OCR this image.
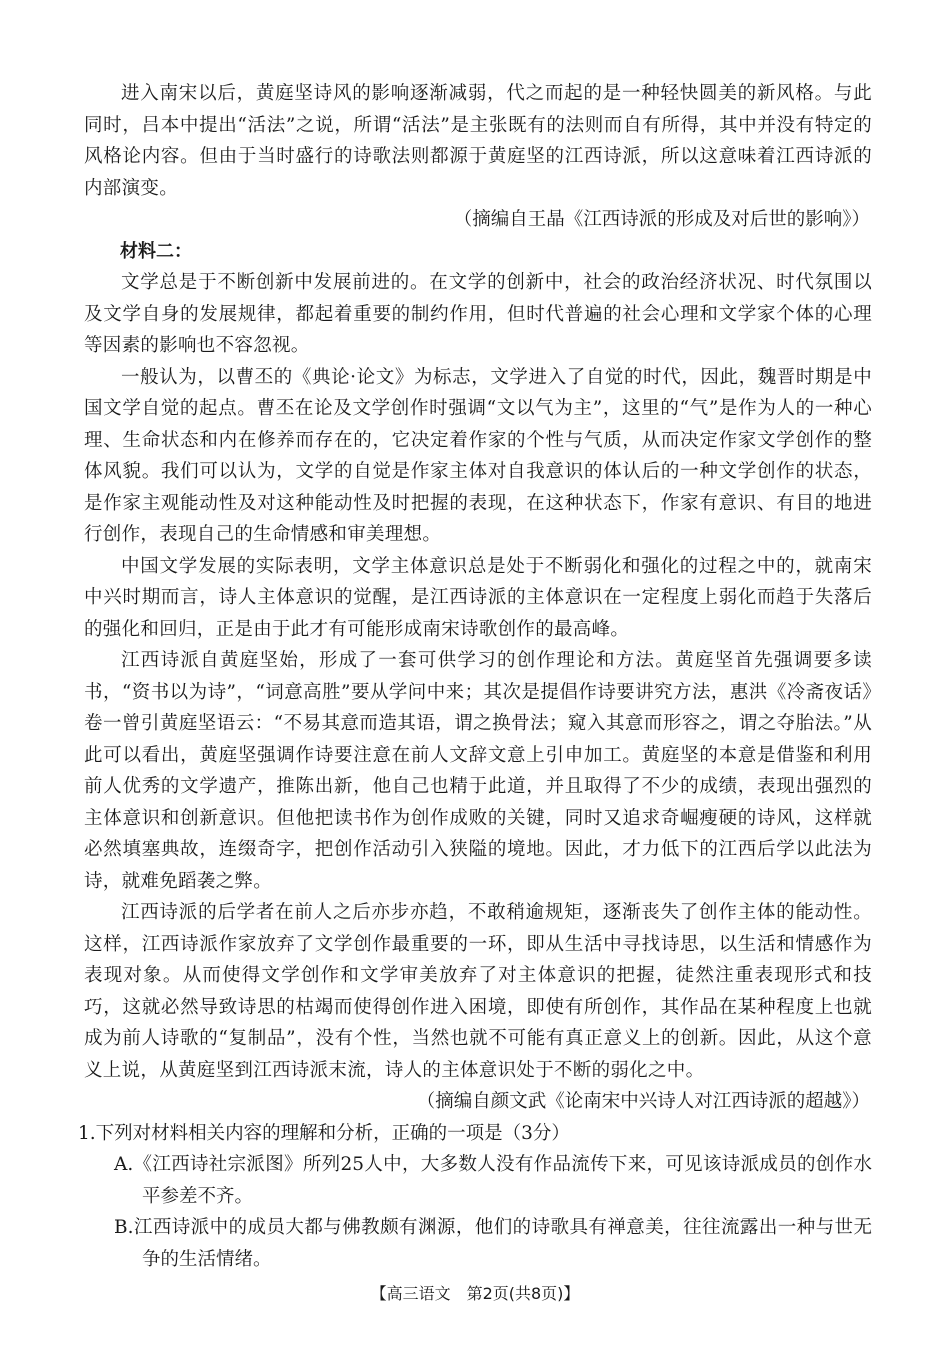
进入南宋以后，黄庭坚诗风的影响逐渐减弱，代之而起的是一种轻快圆美的新风格。与此同时，吕本中提出“活法”之说，所谓“活法”是主张既有的法则而自有所得，其中并没有特定的风格论内容。但由于当时盛行的诗歌法则都源于黄庭坚的江西诗派，所以这意味着江西诗派的内部演变。

（摘编自王晶《江西诗派的形成及对后世的影响》）

材料二：

文学总是于不断创新中发展前进的。在文学的创新中，社会的政治经济状况、时代氛围以及文学自身的发展规律，都起着重要的制约作用，但时代普遍的社会心理和文学家个体的心理等因素的影响也不容忽视。

一般认为，以曹丕的《典论·论文》为标志，文学进入了自觉的时代，因此，魏晋时期是中国文学自觉的起点。曹丕在论及文学创作时强调“文以气为主”，这里的“气”是作为人的一种心理、生命状态和内在修养而存在的，它决定着作家的个性与气质，从而决定作家文学创作的整体风貌。我们可以认为，文学的自觉是作家主体对自我意识的体认后的一种文学创作的状态，是作家主观能动性及对这种能动性及时把握的表现，在这种状态下，作家有意识、有目的地进行创作，表现自己的生命情感和审美理想。

中国文学发展的实际表明，文学主体意识总是处于不断弱化和强化的过程之中的，就南宋中兴时期而言，诗人主体意识的觉醒，是江西诗派的主体意识在一定程度上弱化而趋于失落后的强化和回归，正是由于此才有可能形成南宋诗歌创作的最高峰。

江西诗派自黄庭坚始，形成了一套可供学习的创作理论和方法。黄庭坚首先强调要多读书，“资书以为诗”，“词意高胜”要从学问中来；其次是提倡作诗要讲究方法，惠洪《冷斋夜话》卷一曾引黄庭坚语云：“不易其意而造其语，谓之换骨法；窥入其意而形容之，谓之夺胎法。”从此可以看出，黄庭坚强调作诗要注意在前人文辞文意上引申加工。黄庭坚的本意是借鉴和利用前人优秀的文学遗产，推陈出新，他自己也精于此道，并且取得了不少的成绩，表现出强烈的主体意识和创新意识。但他把读书作为创作成败的关键，同时又追求奇崛瘦硬的诗风，这样就必然填塞典故，连缀奇字，把创作活动引入狭隘的境地。因此，才力低下的江西后学以此法为诗，就难免蹈袭之弊。

江西诗派的后学者在前人之后亦步亦趋，不敢稍逾规矩，逐渐丧失了创作主体的能动性。这样，江西诗派作家放弃了文学创作最重要的一环，即从生活中寻找诗思，以生活和情感作为表现对象。从而使得文学创作和文学审美放弃了对主体意识的把握，徒然注重表现形式和技巧，这就必然导致诗思的枯竭而使得创作进入困境，即使有所创作，其作品在某种程度上也就成为前人诗歌的“复制品”，没有个性，当然也就不可能有真正意义上的创新。因此，从这个意义上说，从黄庭坚到江西诗派末流，诗人的主体意识处于不断的弱化之中。

（摘编自颜文武《论南宋中兴诗人对江西诗派的超越》）

1.下列对材料相关内容的理解和分析，正确的一项是（3分）

A.《江西诗社宗派图》所列25人中，大多数人没有作品流传下来，可见该诗派成员的创作水平参差不齐。

B.江西诗派中的成员大都与佛教颇有渊源，他们的诗歌具有禅意美，往往流露出一种与世无争的生活情绪。

【高三语文　第2页(共8页)】
